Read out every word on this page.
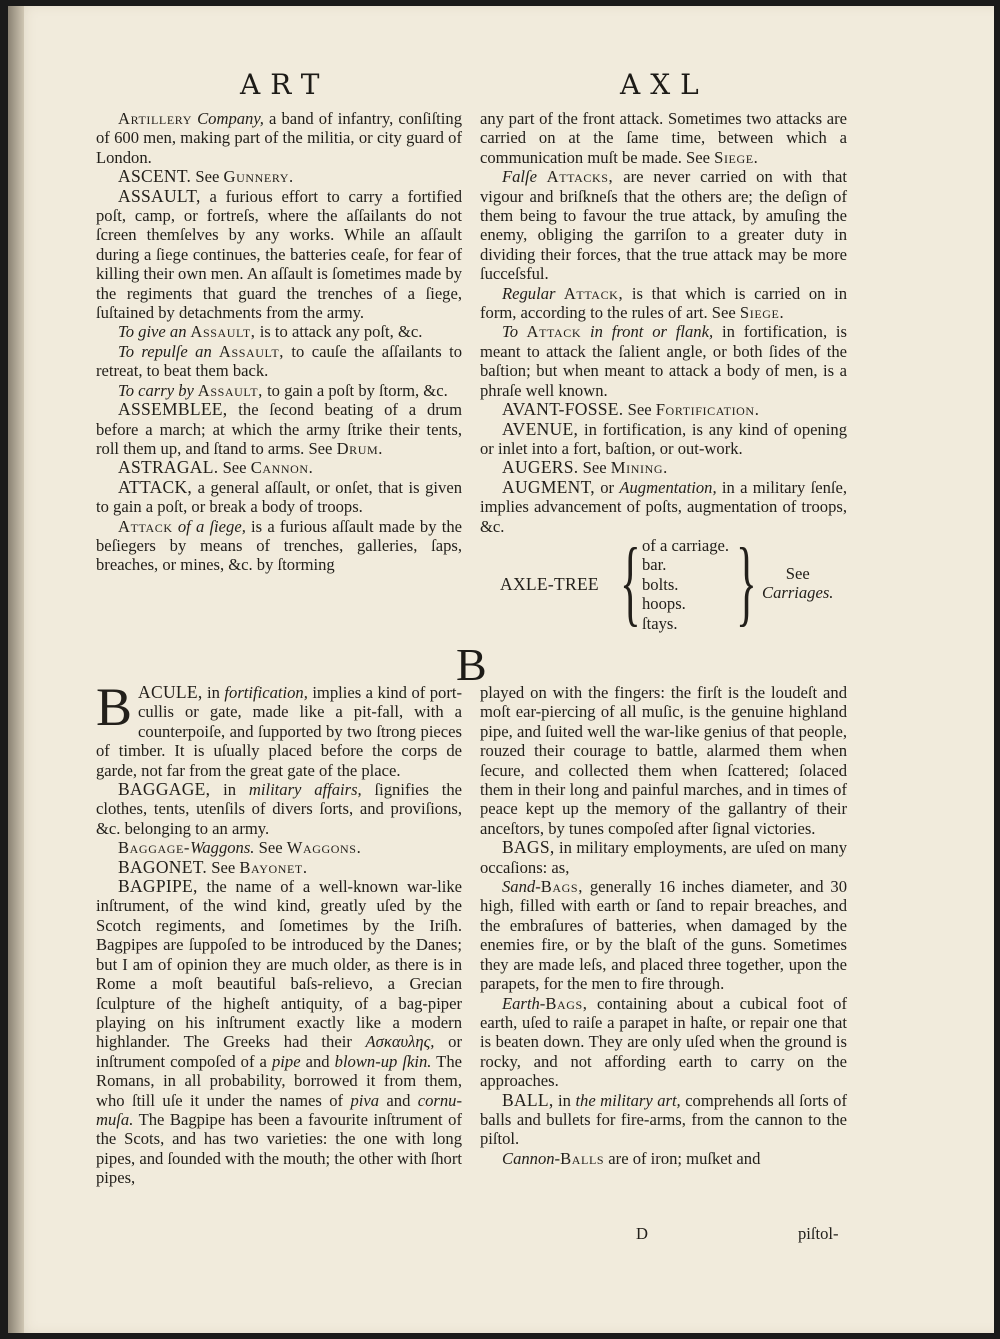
ART	AXL

Artillery Company, a band of infantry, conſiſting of 600 men, making part of the militia, or city guard of London.

ASCENT. See Gunnery.

ASSAULT, a furious effort to carry a fortified poſt, camp, or fortreſs, where the aſſailants do not ſcreen themſelves by any works. While an aſſault during a ſiege continues, the batteries ceaſe, for fear of killing their own men. An aſſault is ſometimes made by the regiments that guard the trenches of a ſiege, ſuſtained by detachments from the army.

To give an Assault, is to attack any poſt, &c.

To repulſe an Assault, to cauſe the aſſailants to retreat, to beat them back.

To carry by Assault, to gain a poſt by ſtorm, &c.

ASSEMBLEE, the ſecond beating of a drum before a march; at which the army ſtrike their tents, roll them up, and ſtand to arms. See Drum.

ASTRAGAL. See Cannon.

ATTACK, a general aſſault, or onſet, that is given to gain a poſt, or break a body of troops.

Attack of a ſiege, is a furious aſſault made by the beſiegers by means of trenches, galleries, ſaps, breaches, or mines, &c. by ſtorming

any part of the front attack. Sometimes two attacks are carried on at the ſame time, between which a communication muſt be made. See Siege.

Falſe Attacks, are never carried on with that vigour and briſkneſs that the others are; the deſign of them being to favour the true attack, by amuſing the enemy, obliging the garriſon to a greater duty in dividing their forces, that the true attack may be more ſucceſsful.

Regular Attack, is that which is carried on in form, according to the rules of art. See Siege.

To Attack in front or flank, in fortification, is meant to attack the ſalient angle, or both ſides of the baſtion; but when meant to attack a body of men, is a phraſe well known.

AVANT-FOSSE. See Fortification.

AVENUE, in fortification, is any kind of opening or inlet into a fort, baſtion, or out-work.

AUGERS. See Mining.

AUGMENT, or Augmentation, in a military ſenſe, implies advancement of poſts, augmentation of troops, &c.

AXLE-TREE { of a carriage.
bar.
bolts.
hoops.
ſtays. }	See
Carriages.
B

BACULE, in fortification, implies a kind of port-cullis or gate, made like a pit-fall, with a counterpoiſe, and ſupported by two ſtrong pieces of timber. It is uſually placed before the corps de garde, not far from the great gate of the place.

BAGGAGE, in military affairs, ſignifies the clothes, tents, utenſils of divers ſorts, and proviſions, &c. belonging to an army.

Baggage-Waggons. See Waggons.

BAGONET. See Bayonet.

BAGPIPE, the name of a well-known war-like inſtrument, of the wind kind, greatly uſed by the Scotch regiments, and ſometimes by the Iriſh. Bagpipes are ſuppoſed to be introduced by the Danes; but I am of opinion they are much older, as there is in Rome a moſt beautiful baſs-relievo, a Grecian ſculpture of the higheſt antiquity, of a bag-piper playing on his inſtrument exactly like a modern highlander. The Greeks had their Ασκαυλης, or inſtrument compoſed of a pipe and blown-up ſkin. The Romans, in all probability, borrowed it from them, who ſtill uſe it under the names of piva and cornu-muſa. The Bagpipe has been a favourite inſtrument of the Scots, and has two varieties: the one with long pipes, and ſounded with the mouth; the other with ſhort pipes,

played on with the fingers: the firſt is the loudeſt and moſt ear-piercing of all muſic, is the genuine highland pipe, and ſuited well the war-like genius of that people, rouzed their courage to battle, alarmed them when ſecure, and collected them when ſcattered; ſolaced them in their long and painful marches, and in times of peace kept up the memory of the gallantry of their anceſtors, by tunes compoſed after ſignal victories.

BAGS, in military employments, are uſed on many occaſions: as,

Sand-Bags, generally 16 inches diameter, and 30 high, filled with earth or ſand to repair breaches, and the embraſures of batteries, when damaged by the enemies fire, or by the blaſt of the guns. Sometimes they are made leſs, and placed three together, upon the parapets, for the men to fire through.

Earth-Bags, containing about a cubical foot of earth, uſed to raiſe a parapet in haſte, or repair one that is beaten down. They are only uſed when the ground is rocky, and not affording earth to carry on the approaches.

BALL, in the military art, comprehends all ſorts of balls and bullets for fire-arms, from the cannon to the piſtol.

Cannon-Balls are of iron; muſket and

D	piſtol-
